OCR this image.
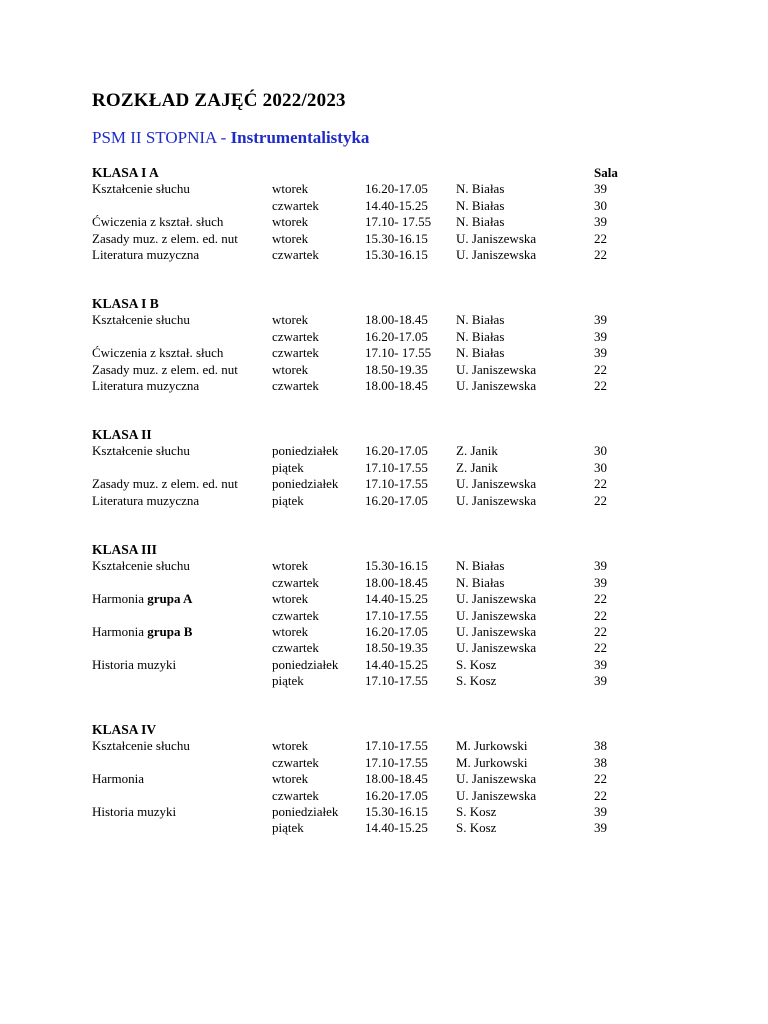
ROZKŁAD ZAJĘĆ 2022/2023
PSM II STOPNIA - Instrumentalistyka
KLASA I A	Sala
Kształcenie słuchu	wtorek	16.20-17.05 N. Białas	39
czwartek	14.40-15.25 N. Białas	30
Ćwiczenia z kształ. słuch	wtorek	17.10- 17.55 N. Białas	39
Zasady muz. z elem. ed. nut	wtorek	15.30-16.15 U. Janiszewska	22
Literatura muzyczna	czwartek	15.30-16.15 U. Janiszewska	22
KLASA I B
Kształcenie słuchu	wtorek	18.00-18.45 N. Białas	39
czwartek	16.20-17.05 N. Białas	39
Ćwiczenia z kształ. słuch	czwartek	17.10- 17.55 N. Białas	39
Zasady muz. z elem. ed. nut	wtorek	18.50-19.35 U. Janiszewska	22
Literatura muzyczna	czwartek	18.00-18.45 U. Janiszewska	22
KLASA II
Kształcenie słuchu	poniedziałek 16.20-17.05 Z. Janik	30
piątek	17.10-17.55 Z. Janik	30
Zasady muz. z elem. ed. nut	poniedziałek 17.10-17.55 U. Janiszewska	22
Literatura muzyczna	piątek	16.20-17.05 U. Janiszewska	22
KLASA III
Kształcenie słuchu	wtorek	15.30-16.15 N. Białas	39
czwartek	18.00-18.45 N. Białas	39
Harmonia grupa A	wtorek	14.40-15.25 U. Janiszewska	22
czwartek	17.10-17.55 U. Janiszewska	22
Harmonia grupa B	wtorek	16.20-17.05 U. Janiszewska	22
czwartek	18.50-19.35 U. Janiszewska	22
Historia muzyki	poniedziałek 14.40-15.25 S. Kosz	39
piątek	17.10-17.55 S. Kosz	39
KLASA IV
Kształcenie słuchu	wtorek	17.10-17.55 M. Jurkowski	38
czwartek	17.10-17.55 M. Jurkowski	38
Harmonia	wtorek	18.00-18.45 U. Janiszewska	22
czwartek	16.20-17.05 U. Janiszewska	22
Historia muzyki	poniedziałek 15.30-16.15 S. Kosz	39
piątek	14.40-15.25 S. Kosz	39
